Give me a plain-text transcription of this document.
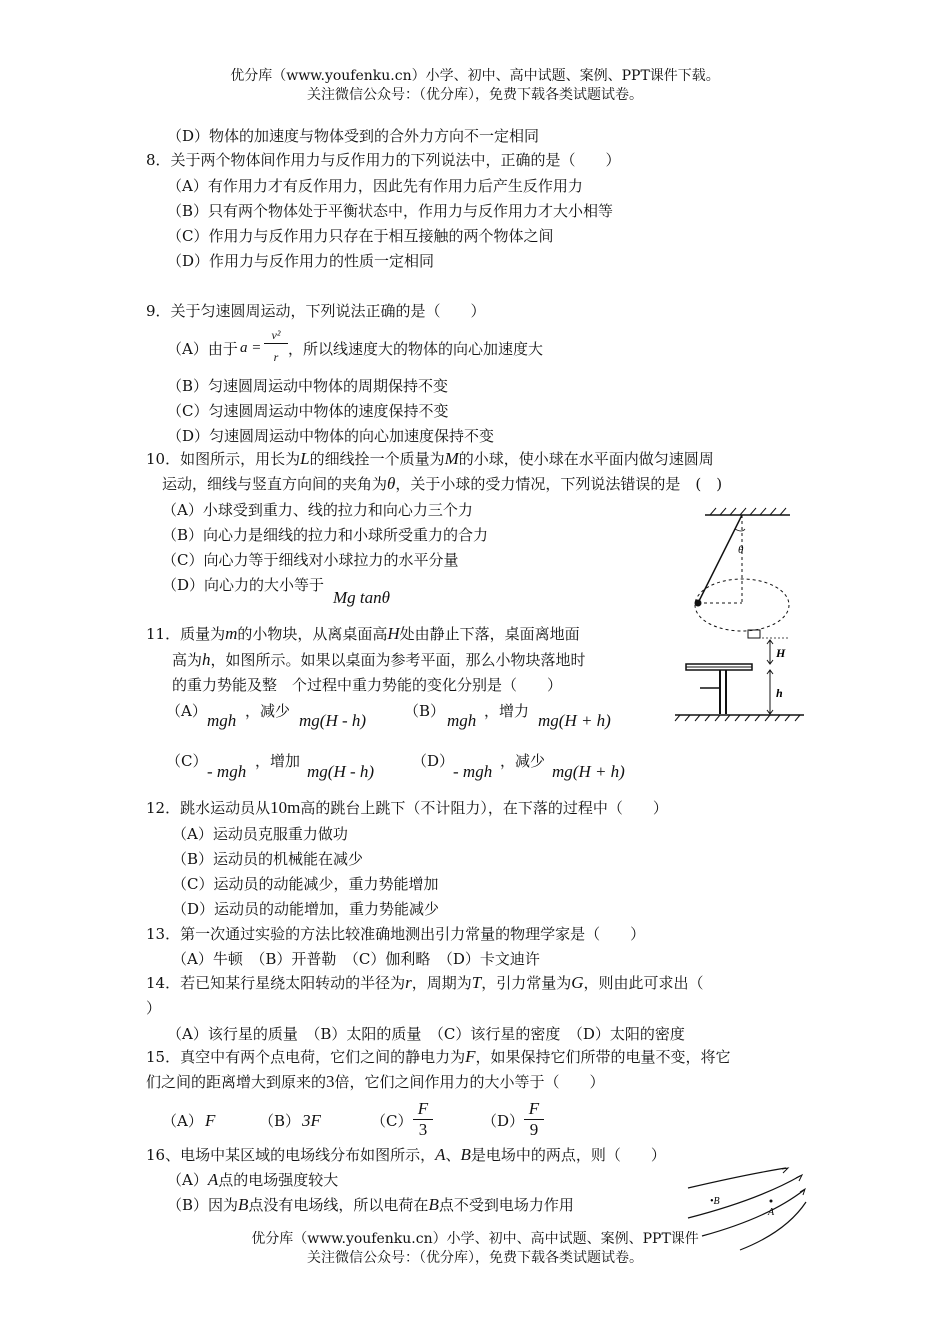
优分库（www.youfenku.cn）小学、初中、高中试题、案例、PPT课件下载。
关注微信公众号：（优分库），免费下载各类试题试卷。
（D）物体的加速度与物体受到的合外力方向不一定相同
8．关于两个物体间作用力与反作用力的下列说法中，正确的是（　　）
（A）有作用力才有反作用力，因此先有作用力后产生反作用力
（B）只有两个物体处于平衡状态中，作用力与反作用力才大小相等
（C）作用力与反作用力只存在于相互接触的两个物体之间
（D）作用力与反作用力的性质一定相同
9．关于匀速圆周运动，下列说法正确的是（　　）
（A）由于 $a = \frac{\text{v²}}{r}$ ，所以线速度大的物体的向心加速度大
（B）匀速圆周运动中物体的周期保持不变
（C）匀速圆周运动中物体的速度保持不变
（D）匀速圆周运动中物体的向心加速度保持不变
10．如图所示，用长为L的细线拴一个质量为M的小球，使小球在水平面内做匀速圆周
运动，细线与竖直方向间的夹角为θ，关于小球的受力情况，下列说法错误的是　(　)
（A）小球受到重力、线的拉力和向心力三个力
（B）向心力是细线的拉力和小球所受重力的合力
（C）向心力等于细线对小球拉力的水平分量
（D）向心力的大小等于
Mg tanθ
θ
11．质量为m的小物块，从离桌面高H处由静止下落，桌面离地面
高为h，如图所示。如果以桌面为参考平面，那么小物块落地时
的重力势能及整　个过程中重力势能的变化分别是（　　）
（A） mgh ，减少 mg(H - h)	（B） mgh ，增力 mg(H + h)
（C）
- mgh
，增加
mg(H - h)
（D）
- mgh
，减少
mg(H + h)
H
h
12．跳水运动员从10m高的跳台上跳下（不计阻力），在下落的过程中（　　）
（A）运动员克服重力做功
（B）运动员的机械能在减少
（C）运动员的动能减少，重力势能增加
（D）运动员的动能增加，重力势能减少
13．第一次通过实验的方法比较准确地测出引力常量的物理学家是（　　）
（A）牛顿　（B）开普勒　（C）伽利略　（D）卡文迪许
14．若已知某行星绕太阳转动的半径为r，周期为T，引力常量为G，则由此可求出（
）
（A）该行星的质量　（B）太阳的质量　（C）该行星的密度　（D）太阳的密度
15．真空中有两个点电荷，它们之间的静电力为F，如果保持它们所带的电量不变，将它
们之间的距离增大到原来的3倍，它们之间作用力的大小等于（　　）
（A） F	（B） 3F	$(C) \frac{F}{3}$	$(D) \frac{F}{9}$
16、电场中某区域的电场线分布如图所示，A、B是电场中的两点，则（　　）
（A）A点的电场强度较大
（B）因为B点没有电场线，所以电荷在B点不受到电场力作用	•B
A
优分库（www.youfenku.cn）小学、初中、高中试题、案例、PPT课件
关注微信公众号：（优分库），免费下载各类试题试卷。
